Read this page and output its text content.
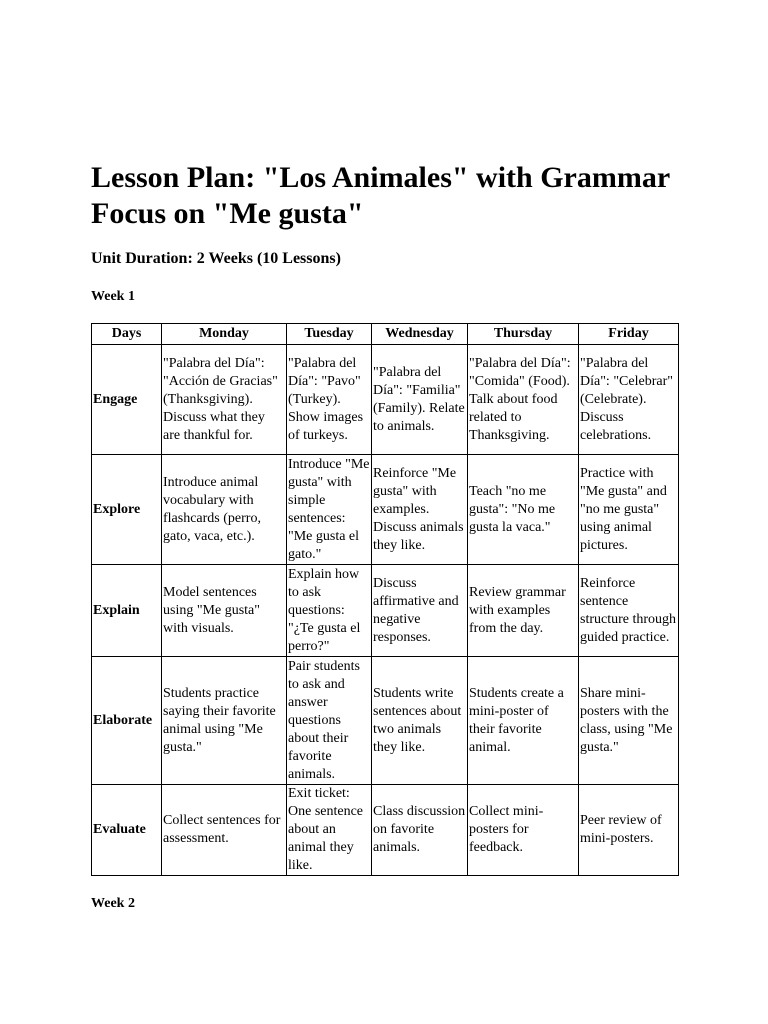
Lesson Plan: "Los Animales" with Grammar Focus on "Me gusta"

Unit Duration: 2 Weeks (10 Lessons)

Week 1

Days	Monday	Tuesday	Wednesday	Thursday	Friday
Engage	"Palabra del Día": "Acción de Gracias" (Thanksgiving). Discuss what they are thankful for.	"Palabra del Día": "Pavo" (Turkey). Show images of turkeys.	"Palabra del Día": "Familia" (Family). Relate to animals.	"Palabra del Día": "Comida" (Food). Talk about food related to Thanksgiving.	"Palabra del Día": "Celebrar" (Celebrate). Discuss celebrations.
Explore	Introduce animal vocabulary with flashcards (perro, gato, vaca, etc.).	Introduce "Me gusta" with simple sentences: "Me gusta el gato."	Reinforce "Me gusta" with examples. Discuss animals they like.	Teach "no me gusta": "No me gusta la vaca."	Practice with "Me gusta" and "no me gusta" using animal pictures.
Explain	Model sentences using "Me gusta" with visuals.	Explain how to ask questions: "¿Te gusta el perro?"	Discuss affirmative and negative responses.	Review grammar with examples from the day.	Reinforce sentence structure through guided practice.
Elaborate	Students practice saying their favorite animal using "Me gusta."	Pair students to ask and answer questions about their favorite animals.	Students write sentences about two animals they like.	Students create a mini-poster of their favorite animal.	Share mini-posters with the class, using "Me gusta."
Evaluate	Collect sentences for assessment.	Exit ticket: One sentence about an animal they like.	Class discussion on favorite animals.	Collect mini-posters for feedback.	Peer review of mini-posters.

Week 2
